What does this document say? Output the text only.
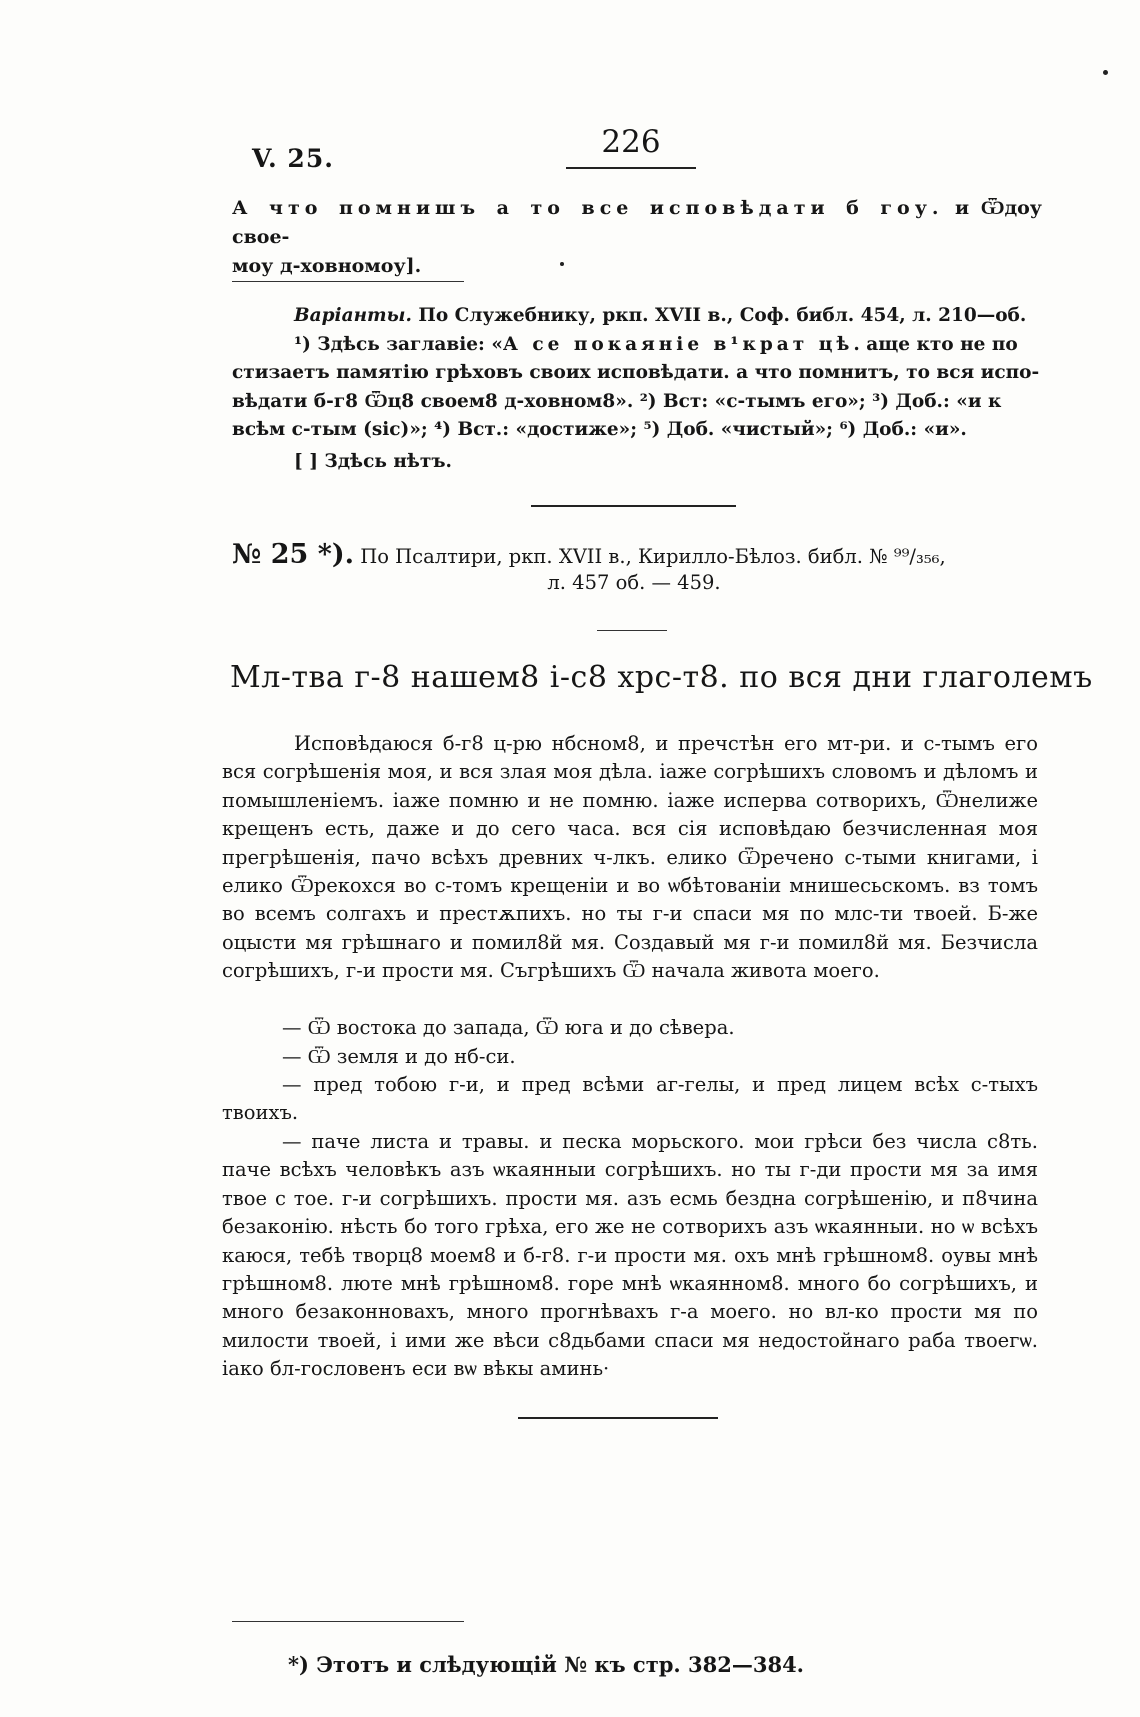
V. 25.	226
А что помнишъ а то все исповѣдати б гоу. и Ѿдоу свое-
моу д-ховномоу].
Варіанты. По Служебнику, ркп. XVII в., Соф. библ. 454, л. 210—об.
¹) Здѣсь заглавіе: «А се покаяніе в¹крат цѣ. аще кто не по
стизаетъ памятію грѣховъ своих исповѣдати. а что помнитъ, то вся испо-
вѣдати б-г8 Ѿц8 своем8 д-ховном8». ²) Вст: «с-тымъ его»; ³) Доб.: «и к
всѣм с-тым (sic)»; ⁴) Вст.: «достиже»; ⁵) Доб. «чистый»; ⁶) Доб.: «и».
[ ] Здѣсь нѣтъ.
№ 25 *). По Псалтири, ркп. XVII в., Кирилло-Бѣлоз. библ. № ⁹⁹/₃₅₆,
л. 457 об. — 459.
Мл-тва г-8 нашем8 і-с8 хрс-т8. по вся дни глаголемъ

Исповѣдаюся б-г8 ц-рю нбсном8, и пречстѣн его мт-ри. и с-тымъ его вся согрѣшенія моя, и вся злая моя дѣла. іаже согрѣшихъ словомъ и дѣломъ и помышленіемъ. іаже помню и не помню. іаже исперва сотворихъ, Ѿнелиже крещенъ есть, даже и до сего часа. вся сія исповѣдаю безчисленная моя прегрѣшенія, пачо всѣхъ древних ч-лкъ. елико Ѿречено с-тыми книгами, і елико Ѿрекохся во с-томъ крещеніи и во ѡбѣтованіи мнишесьскомъ. вз томъ во всемъ солгахъ и престѫпихъ. но ты г-и спаси мя по млс-ти твоей. Б-же оцысти мя грѣшнаго и помил8й мя. Создавый мя г-и помил8й мя. Безчисла согрѣшихъ, г-и прости мя. Съгрѣшихъ Ѿ начала живота моего.

— Ѿ востока до запада, Ѿ юга и до сѣвера.
— Ѿ земля и до нб-си.
— пред тобою г-и, и пред всѣми аг-гелы, и пред лицем всѣх с-тыхъ твоихъ.
— паче листа и травы. и песка морьского. мои грѣси без числа с8ть. паче всѣхъ человѣкъ азъ ѡкаянныи согрѣшихъ. но ты г-ди прости мя за имя твое с тое. г-и согрѣшихъ. прости мя. азъ есмь бездна согрѣшенію, и п8чина безаконію. нѣсть бо того грѣха, его же не сотворихъ азъ ѡкаянныи. но ѡ всѣхъ каюся, тебѣ творц8 моем8 и б-г8. г-и прости мя. охъ мнѣ грѣшном8. оувы мнѣ грѣшном8. люте мнѣ грѣшном8. горе мнѣ ѡкаянном8. много бо согрѣшихъ, и много безаконновахъ, много прогнѣвахъ г-а моего. но вл-ко прости мя по милости твоей, і ими же вѣси с8дьбами спаси мя недостойнаго раба твоегѡ. іако бл-гословенъ еси вѡ вѣкы аминь·
*) Этотъ и слѣдующій № къ стр. 382—384.
